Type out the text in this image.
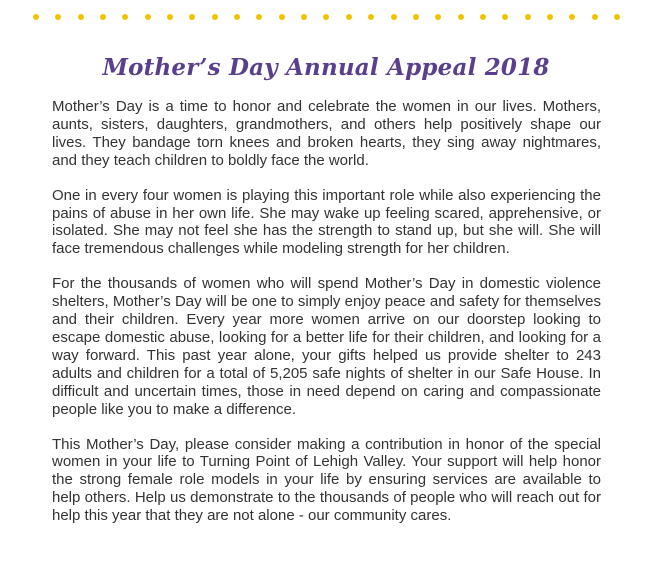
Mother’s Day Annual Appeal 2018

Mother’s Day is a time to honor and celebrate the women in our lives. Mothers, aunts, sisters, daughters, grandmothers, and others help positively shape our lives. They bandage torn knees and broken hearts, they sing away nightmares, and they teach children to boldly face the world.

One in every four women is playing this important role while also experiencing the pains of abuse in her own life. She may wake up feeling scared, apprehensive, or isolated. She may not feel she has the strength to stand up, but she will. She will face tremendous challenges while modeling strength for her children.

For the thousands of women who will spend Mother’s Day in domestic violence shelters, Mother’s Day will be one to simply enjoy peace and safety for themselves and their children. Every year more women arrive on our doorstep looking to escape domestic abuse, looking for a better life for their children, and looking for a way forward. This past year alone, your gifts helped us provide shelter to 243 adults and children for a total of 5,205 safe nights of shelter in our Safe House. In difficult and uncertain times, those in need depend on caring and compassionate people like you to make a difference.

This Mother’s Day, please consider making a contribution in honor of the special women in your life to Turning Point of Lehigh Valley. Your support will help honor the strong female role models in your life by ensuring services are available to help others. Help us demonstrate to the thousands of people who will reach out for help this year that they are not alone - our community cares.
